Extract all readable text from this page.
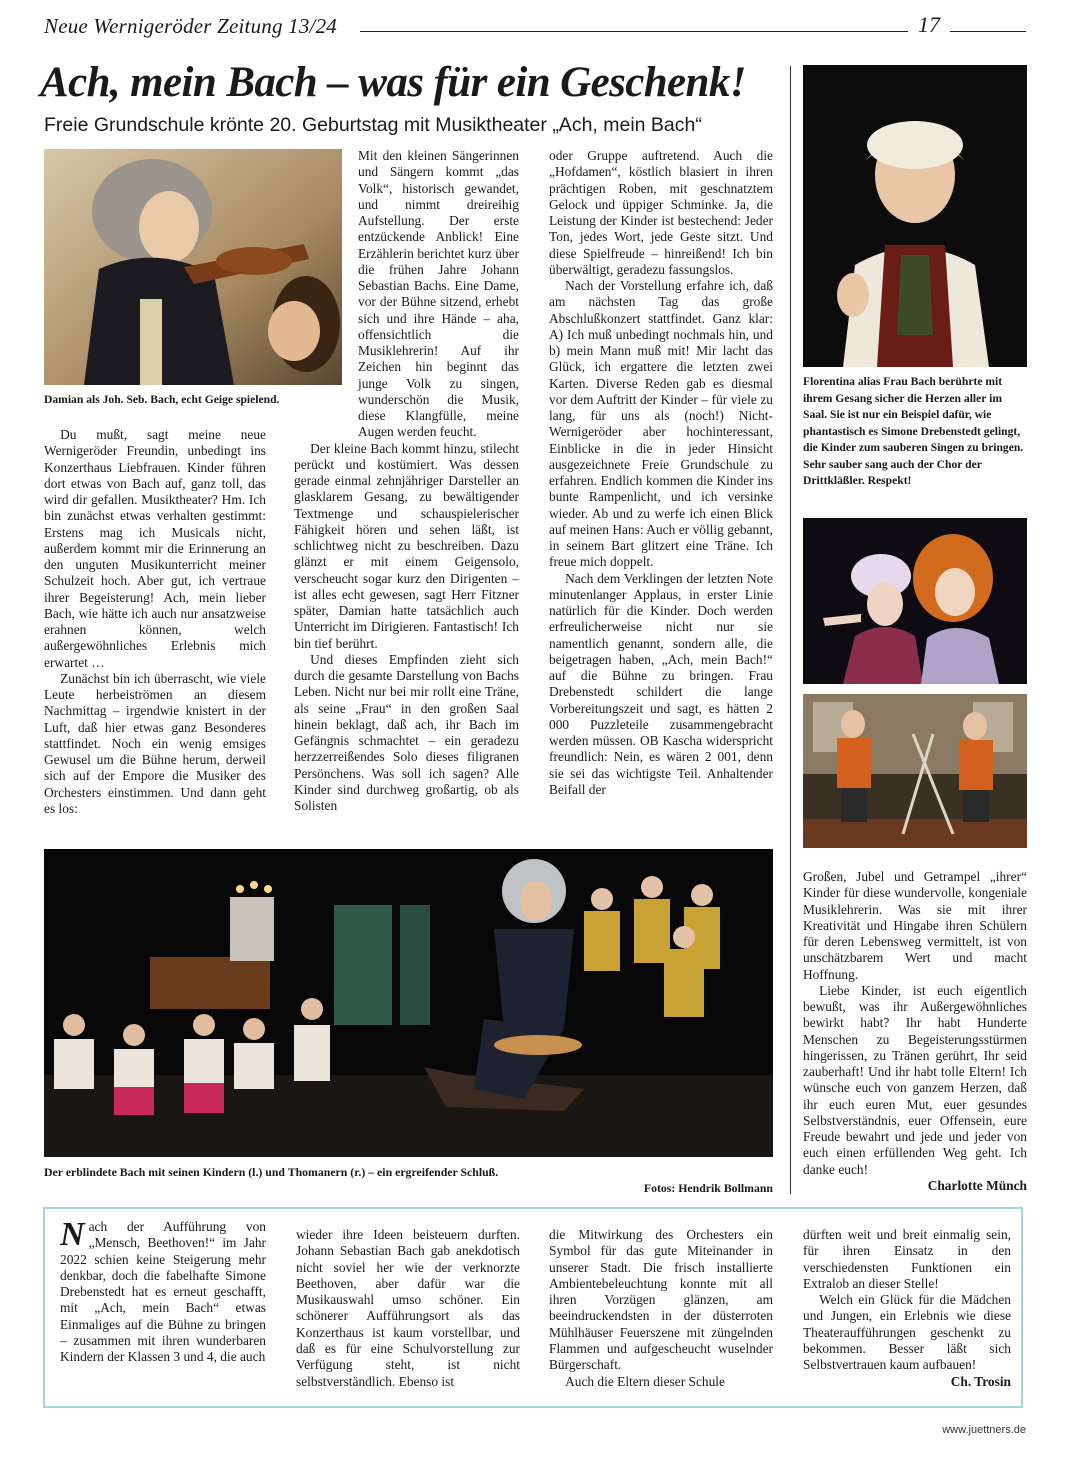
Neue Wernigeröder Zeitung 13/24	17
Ach, mein Bach – was für ein Geschenk!
Freie Grundschule krönte 20. Geburtstag mit Musiktheater „Ach, mein Bach“
Damian als Joh. Seb. Bach, echt Geige spielend.
Florentina alias Frau Bach berührte mit ihrem Gesang sicher die Herzen aller im Saal. Sie ist nur ein Beispiel dafür, wie phantastisch es Simone Drebenstedt gelingt, die Kinder zum sauberen Singen zu bringen. Sehr sauber sang auch der Chor der Drittkläßler. Respekt!
Der erblindete Bach mit seinen Kindern (l.) und Thomanern (r.) – ein ergreifender Schluß.
Fotos: Hendrik Bollmann

Du mußt, sagt meine neue Wernigeröder Freundin, unbedingt ins Konzerthaus Liebfrauen. Kinder führen dort etwas von Bach auf, ganz toll, das wird dir gefallen. Musiktheater? Hm. Ich bin zunächst etwas verhalten gestimmt: Erstens mag ich Musicals nicht, außerdem kommt mir die Erinnerung an den unguten Musikunterricht meiner Schulzeit hoch. Aber gut, ich vertraue ihrer Begeisterung! Ach, mein lieber Bach, wie hätte ich auch nur ansatzweise erahnen können, welch außergewöhnliches Erlebnis mich erwartet …

Zunächst bin ich überrascht, wie viele Leute herbeiströmen an diesem Nachmittag – irgendwie knistert in der Luft, daß hier etwas ganz Besonderes stattfindet. Noch ein wenig emsiges Gewusel um die Bühne herum, derweil sich auf der Empore die Musiker des Orchesters einstimmen. Und dann geht es los:

Mit den kleinen Sängerinnen und Sängern kommt „das Volk“, historisch gewandet, und nimmt dreireihig Aufstellung. Der erste entzückende Anblick! Eine Erzählerin berichtet kurz über die frühen Jahre Johann Sebastian Bachs. Eine Dame, vor der Bühne sitzend, erhebt sich und ihre Hände – aha, offensichtlich die Musiklehrerin! Auf ihr Zeichen hin beginnt das junge Volk zu singen, wunderschön die Musik, diese Klangfülle, meine Augen werden feucht.

Der kleine Bach kommt hinzu, stilecht perückt und kostümiert. Was dessen gerade einmal zehnjähriger Darsteller an glasklarem Gesang, zu bewältigender Textmenge und schauspielerischer Fähigkeit hören und sehen läßt, ist schlichtweg nicht zu beschreiben. Dazu glänzt er mit einem Geigensolo, verscheucht sogar kurz den Dirigenten – ist alles echt gewesen, sagt Herr Fitzner später, Damian hatte tatsächlich auch Unterricht im Dirigieren. Fantastisch! Ich bin tief berührt.

Und dieses Empfinden zieht sich durch die gesamte Darstellung von Bachs Leben. Nicht nur bei mir rollt eine Träne, als seine „Frau“ in den großen Saal hinein beklagt, daß ach, ihr Bach im Gefängnis schmachtet – ein geradezu herzzerreißendes Solo dieses filigranen Persönchens. Was soll ich sagen? Alle Kinder sind durchweg großartig, ob als Solisten

oder Gruppe auftretend. Auch die „Hofdamen“, köstlich blasiert in ihren prächtigen Roben, mit geschnatztem Gelock und üppiger Schminke. Ja, die Leistung der Kinder ist bestechend: Jeder Ton, jedes Wort, jede Geste sitzt. Und diese Spielfreude – hinreißend! Ich bin überwältigt, geradezu fassungslos.

Nach der Vorstellung erfahre ich, daß am nächsten Tag das große Abschlußkonzert stattfindet. Ganz klar: A) Ich muß unbedingt nochmals hin, und b) mein Mann muß mit! Mir lacht das Glück, ich ergattere die letzten zwei Karten. Diverse Reden gab es diesmal vor dem Auftritt der Kinder – für viele zu lang, für uns als (noch!) Nicht-Wernigeröder aber hochinteressant, Einblicke in die in jeder Hinsicht ausgezeichnete Freie Grundschule zu erfahren. Endlich kommen die Kinder ins bunte Rampenlicht, und ich versinke wieder. Ab und zu werfe ich einen Blick auf meinen Hans: Auch er völlig gebannt, in seinem Bart glitzert eine Träne. Ich freue mich doppelt.

Nach dem Verklingen der letzten Note minutenlanger Applaus, in erster Linie natürlich für die Kinder. Doch werden erfreulicherweise nicht nur sie namentlich genannt, sondern alle, die beigetragen haben, „Ach, mein Bach!“ auf die Bühne zu bringen. Frau Drebenstedt schildert die lange Vorbereitungszeit und sagt, es hätten 2 000 Puzzleteile zusammengebracht werden müssen. OB Kascha widerspricht freundlich: Nein, es wären 2 001, denn sie sei das wichtigste Teil. Anhaltender Beifall der

Großen, Jubel und Getrampel „ihrer“ Kinder für diese wundervolle, kongeniale Musiklehrerin. Was sie mit ihrer Kreativität und Hingabe ihren Schülern für deren Lebensweg vermittelt, ist von unschätzbarem Wert und macht Hoffnung.

Liebe Kinder, ist euch eigentlich bewußt, was ihr Außergewöhnliches bewirkt habt? Ihr habt Hunderte Menschen zu Begeisterungsstürmen hingerissen, zu Tränen gerührt, Ihr seid zauberhaft! Und ihr habt tolle Eltern! Ich wünsche euch von ganzem Herzen, daß ihr euch euren Mut, euer gesundes Selbstverständnis, euer Offensein, eure Freude bewahrt und jede und jeder von euch einen erfüllenden Weg geht. Ich danke euch!

Charlotte Münch

Nach der Aufführung von „Mensch, Beethoven!“ im Jahr 2022 schien keine Steigerung mehr denkbar, doch die fabelhafte Simone Drebenstedt hat es erneut geschafft, mit „Ach, mein Bach“ etwas Einmaliges auf die Bühne zu bringen – zusammen mit ihren wunderbaren Kindern der Klassen 3 und 4, die auch

wieder ihre Ideen beisteuern durften. Johann Sebastian Bach gab anekdotisch nicht soviel her wie der verknorzte Beethoven, aber dafür war die Musikauswahl umso schöner. Ein schönerer Aufführungsort als das Konzerthaus ist kaum vorstellbar, und daß es für eine Schulvorstellung zur Verfügung steht, ist nicht selbstverständlich. Ebenso ist

die Mitwirkung des Orchesters ein Symbol für das gute Miteinander in unserer Stadt. Die frisch installierte Ambientebeleuchtung konnte mit all ihren Vorzügen glänzen, am beeindruckendsten in der düsterroten Mühlhäuser Feuerszene mit züngelnden Flammen und aufgescheucht wuselnder Bürgerschaft.

Auch die Eltern dieser Schule

dürften weit und breit einmalig sein, für ihren Einsatz in den verschiedensten Funktionen ein Extralob an dieser Stelle!

Welch ein Glück für die Mädchen und Jungen, ein Erlebnis wie diese Theateraufführungen geschenkt zu bekommen. Besser läßt sich Selbstvertrauen kaum aufbauen!

Ch. Trosin
www.juettners.de
